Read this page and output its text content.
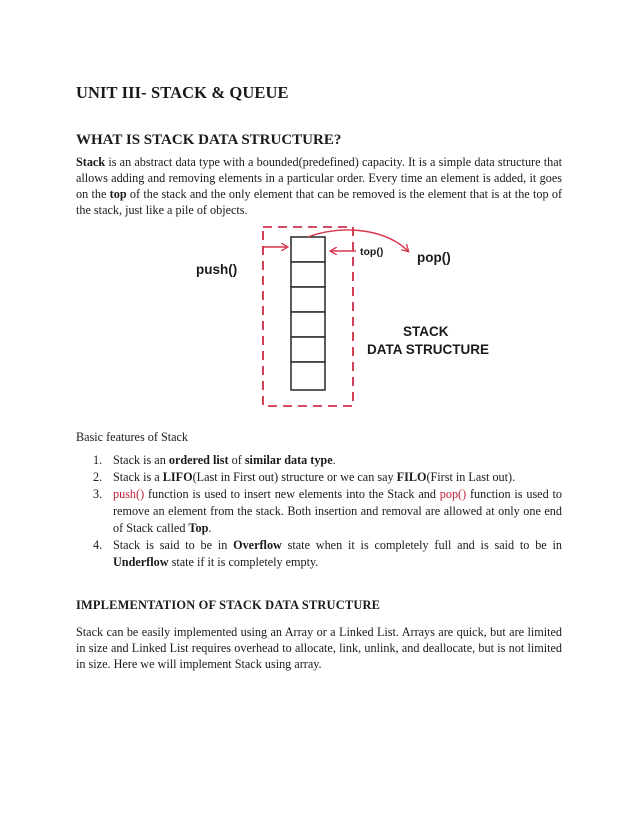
UNIT III- STACK & QUEUE
WHAT IS STACK DATA STRUCTURE?

Stack is an abstract data type with a bounded(predefined) capacity. It is a simple data structure that allows adding and removing elements in a particular order. Every time an element is added, it goes on the top of the stack and the only element that can be removed is the element that is at the top of the stack, just like a pile of objects.

push()
top() pop()
STACK
DATA STRUCTURE

Basic features of Stack

1. Stack is an ordered list of similar data type.
2. Stack is a LIFO(Last in First out) structure or we can say FILO(First in Last out).
3. push() function is used to insert new elements into the Stack and pop() function is used to remove an element from the stack. Both insertion and removal are allowed at only one end of Stack called Top.
4. Stack is said to be in Overflow state when it is completely full and is said to be in Underflow state if it is completely empty.
IMPLEMENTATION OF STACK DATA STRUCTURE

Stack can be easily implemented using an Array or a Linked List. Arrays are quick, but are limited in size and Linked List requires overhead to allocate, link, unlink, and deallocate, but is not limited in size. Here we will implement Stack using array.
